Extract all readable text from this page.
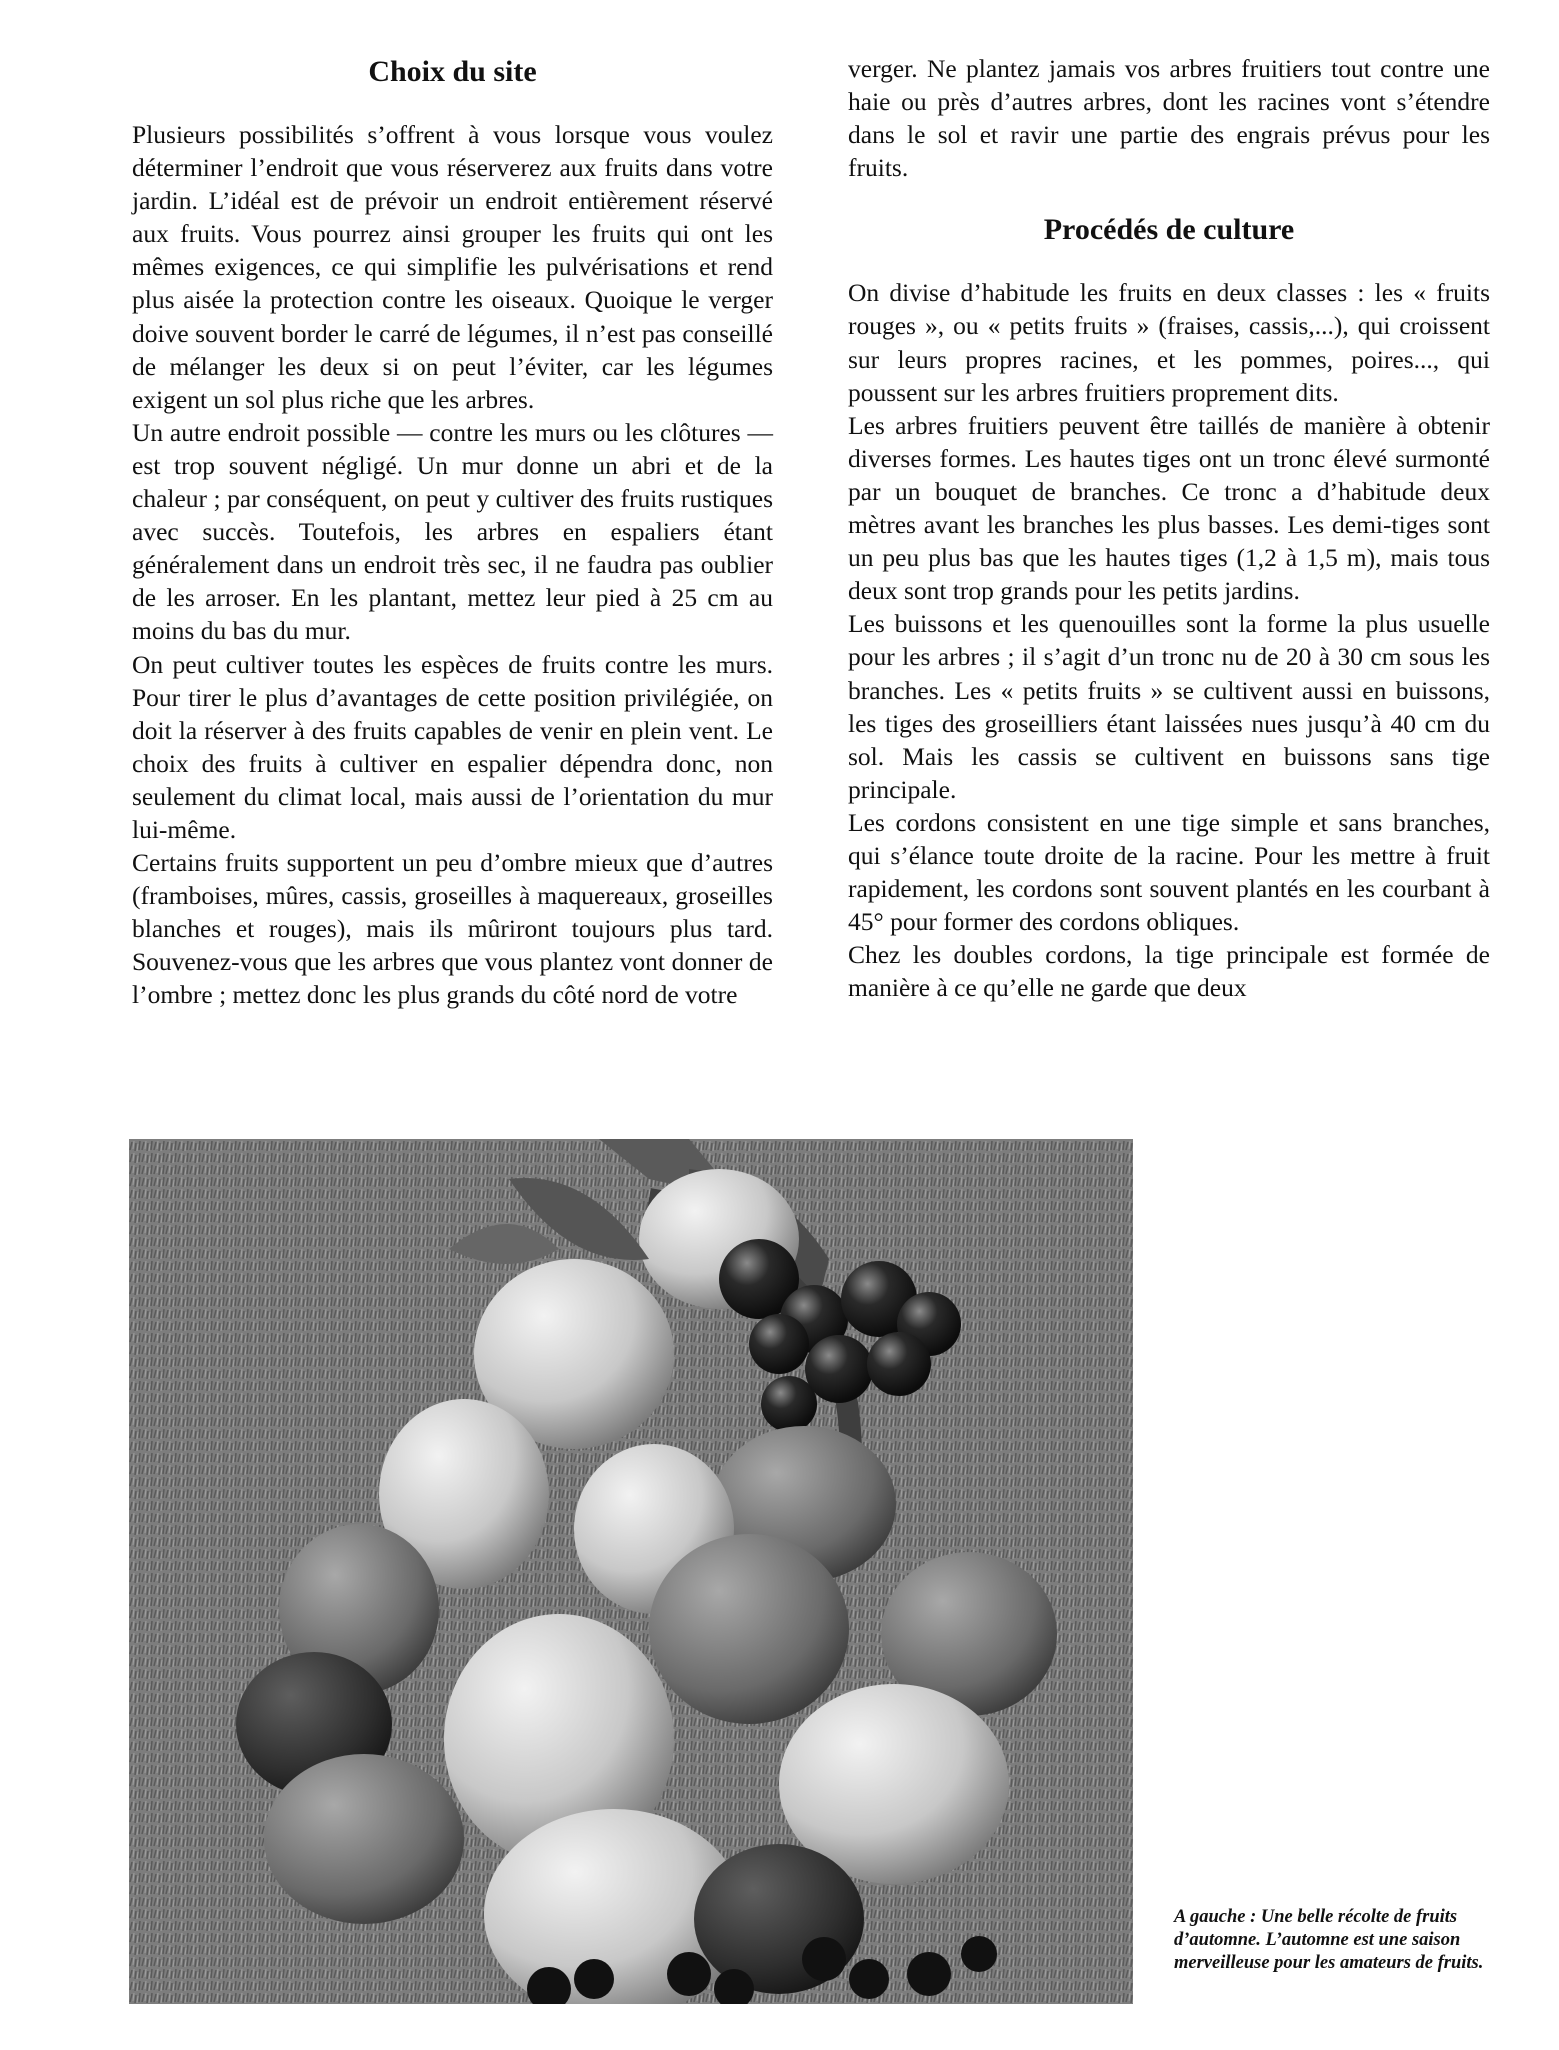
Choix du site

Plusieurs possibilités s’offrent à vous lorsque vous voulez déterminer l’endroit que vous réserverez aux fruits dans votre jardin. L’idéal est de prévoir un endroit entièrement réservé aux fruits. Vous pourrez ainsi grouper les fruits qui ont les mêmes exigences, ce qui simplifie les pulvérisations et rend plus aisée la protection contre les oiseaux. Quoique le verger doive souvent border le carré de légumes, il n’est pas conseillé de mélanger les deux si on peut l’éviter, car les légumes exigent un sol plus riche que les arbres.

Un autre endroit possible — contre les murs ou les clôtures — est trop souvent négligé. Un mur donne un abri et de la chaleur ; par conséquent, on peut y cultiver des fruits rustiques avec succès. Toutefois, les arbres en espaliers étant généralement dans un endroit très sec, il ne faudra pas oublier de les arroser. En les plantant, mettez leur pied à 25 cm au moins du bas du mur.

On peut cultiver toutes les espèces de fruits contre les murs. Pour tirer le plus d’avantages de cette position privilégiée, on doit la réserver à des fruits capables de venir en plein vent. Le choix des fruits à cultiver en espalier dépendra donc, non seulement du climat local, mais aussi de l’orientation du mur lui-même.

Certains fruits supportent un peu d’ombre mieux que d’autres (framboises, mûres, cassis, groseilles à maquereaux, groseilles blanches et rouges), mais ils mûriront toujours plus tard. Souvenez-vous que les arbres que vous plantez vont donner de l’ombre ; mettez donc les plus grands du côté nord de votre

verger. Ne plantez jamais vos arbres fruitiers tout contre une haie ou près d’autres arbres, dont les racines vont s’étendre dans le sol et ravir une partie des engrais prévus pour les fruits.

Procédés de culture

On divise d’habitude les fruits en deux classes : les « fruits rouges », ou « petits fruits » (fraises, cassis,...), qui croissent sur leurs propres racines, et les pommes, poires..., qui poussent sur les arbres fruitiers proprement dits.

Les arbres fruitiers peuvent être taillés de manière à obtenir diverses formes. Les hautes tiges ont un tronc élevé surmonté par un bouquet de branches. Ce tronc a d’habitude deux mètres avant les branches les plus basses. Les demi-tiges sont un peu plus bas que les hautes tiges (1,2 à 1,5 m), mais tous deux sont trop grands pour les petits jardins.

Les buissons et les quenouilles sont la forme la plus usuelle pour les arbres ; il s’agit d’un tronc nu de 20 à 30 cm sous les branches. Les « petits fruits » se cultivent aussi en buissons, les tiges des groseilliers étant laissées nues jusqu’à 40 cm du sol. Mais les cassis se cultivent en buissons sans tige principale.

Les cordons consistent en une tige simple et sans branches, qui s’élance toute droite de la racine. Pour les mettre à fruit rapidement, les cordons sont souvent plantés en les courbant à 45° pour former des cordons obliques.

Chez les doubles cordons, la tige principale est formée de manière à ce qu’elle ne garde que deux

A gauche : Une belle récolte de fruits d’automne. L’automne est une saison merveilleuse pour les amateurs de fruits.
